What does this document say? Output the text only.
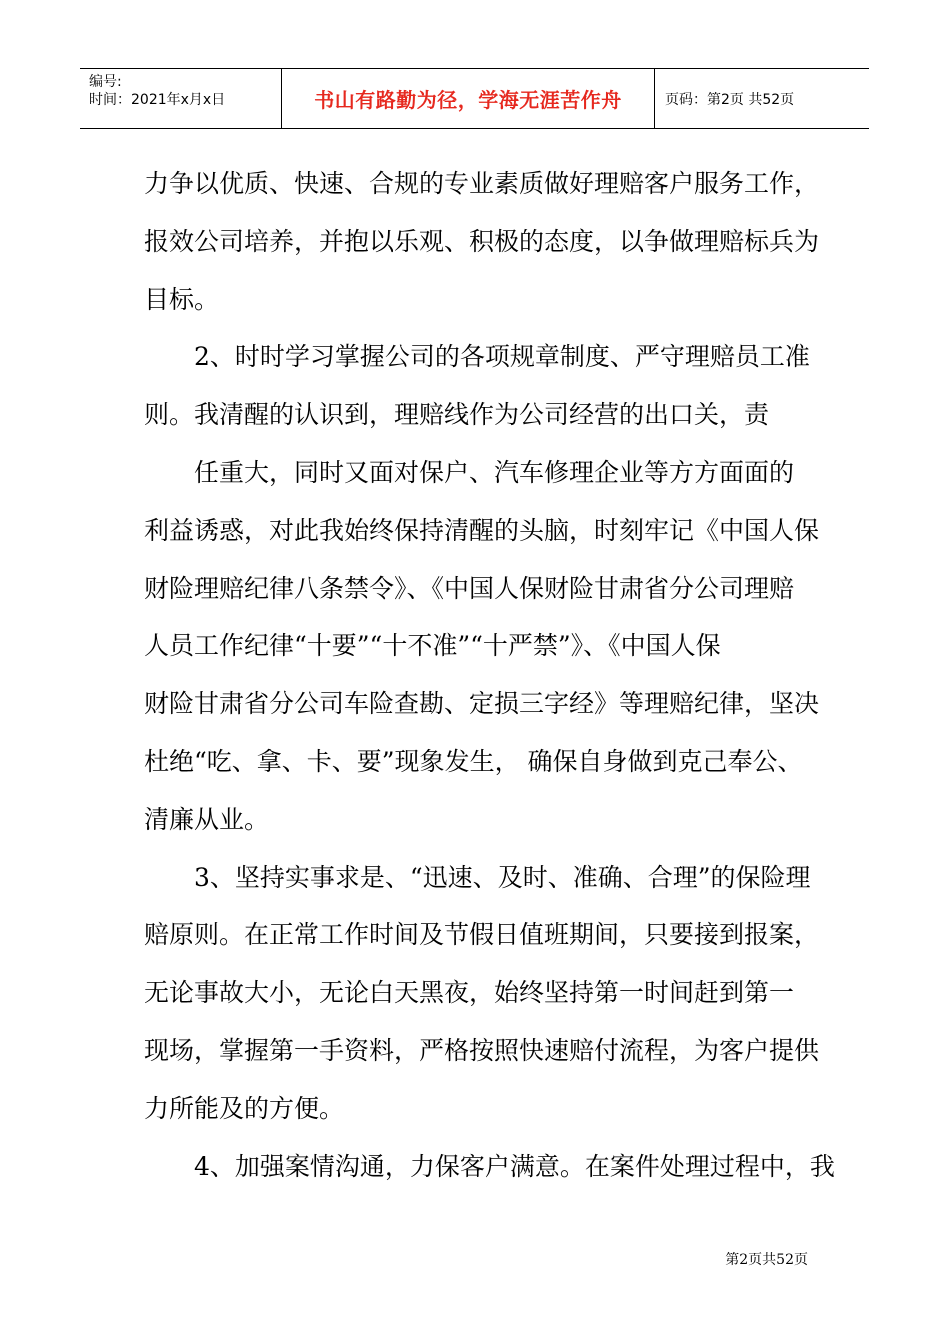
编号:
时间：2021年x月x日	书山有路勤为径，学海无涯苦作舟	页码：第2页 共52页

力争以优质、快速、合规的专业素质做好理赔客户服务工作，

报效公司培养，并抱以乐观、积极的态度，以争做理赔标兵为

目标。

2、时时学习掌握公司的各项规章制度、严守理赔员工准

则。我清醒的认识到，理赔线作为公司经营的出口关，责

任重大，同时又面对保户、汽车修理企业等方方面面的

利益诱惑，对此我始终保持清醒的头脑，时刻牢记《中国人保

财险理赔纪律八条禁令》、《中国人保财险甘肃省分公司理赔

人员工作纪律“十要”“十不准”“十严禁”》、《中国人保

财险甘肃省分公司车险查勘、定损三字经》等理赔纪律，坚决

杜绝“吃、拿、卡、要”现象发生， 确保自身做到克己奉公、

清廉从业。

3、坚持实事求是、“迅速、及时、准确、合理”的保险理

赔原则。在正常工作时间及节假日值班期间，只要接到报案，

无论事故大小，无论白天黑夜，始终坚持第一时间赶到第一

现场，掌握第一手资料，严格按照快速赔付流程，为客户提供

力所能及的方便。

4、加强案情沟通，力保客户满意。在案件处理过程中，我

第2页共52页
